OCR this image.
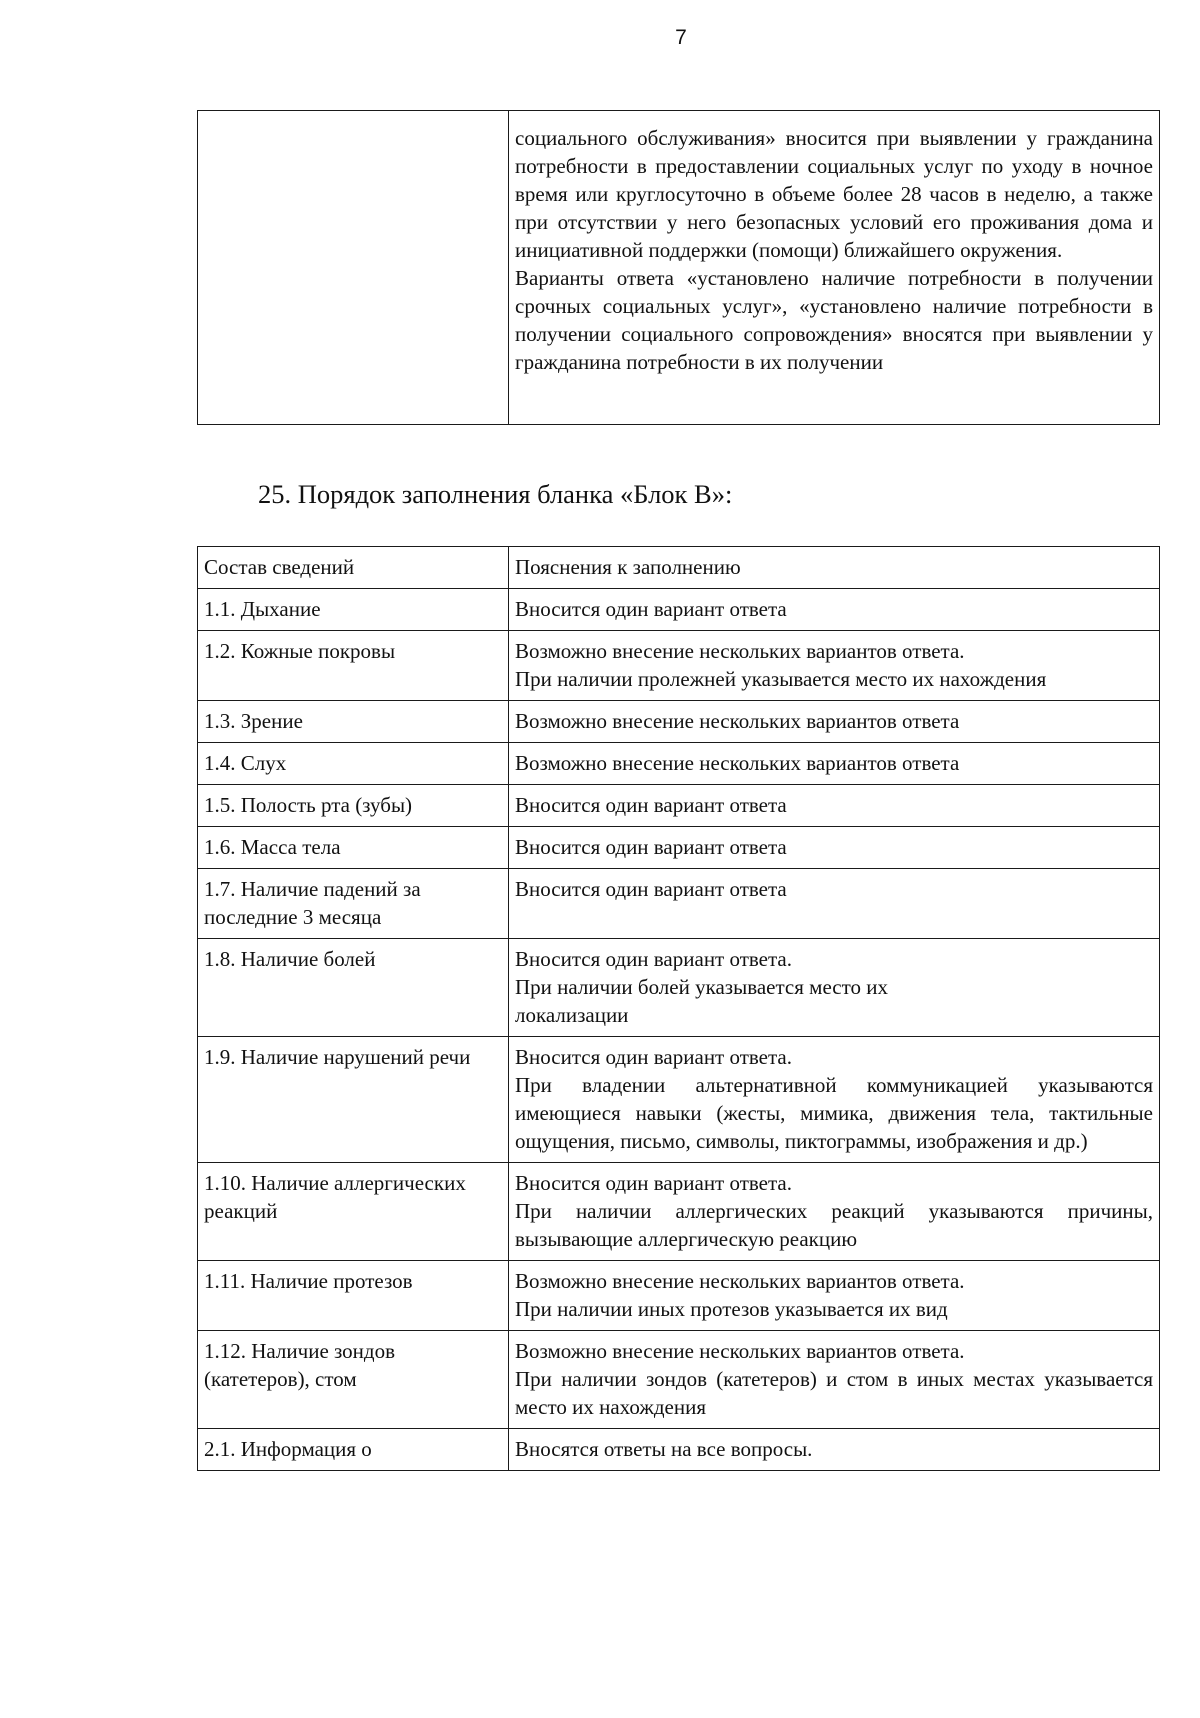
7

социального обслуживания» вносится при выявлении у гражданина потребности в предоставлении социальных услуг по уходу в ночное время или круглосуточно в объеме более 28 часов в неделю, а также при отсутствии у него безопасных условий его проживания дома и инициативной поддержки (помощи) ближайшего окружения.
Варианты ответа «установлено наличие потребности в получении срочных социальных услуг», «установлено наличие потребности в получении социального сопровождения» вносятся при выявлении у гражданина потребности в их получении
25. Порядок заполнения бланка «Блок В»:
Состав сведений	Пояснения к заполнению
1.1. Дыхание	Вносится один вариант ответа

1.2. Кожные покровы	Возможно внесение нескольких вариантов ответа.
При наличии пролежней указывается место их нахождения

1.3. Зрение	Возможно внесение нескольких вариантов ответа

1.4. Слух	Возможно внесение нескольких вариантов ответа

1.5. Полость рта (зубы)	Вносится один вариант ответа

1.6. Масса тела	Вносится один вариант ответа

1.7. Наличие падений за последние 3 месяца	Вносится один вариант ответа

1.8. Наличие болей	Вносится один вариант ответа.
При наличии болей указывается место их локализации

1.9. Наличие нарушений речи	Вносится один вариант ответа.
При владении альтернативной коммуникацией указываются имеющиеся навыки (жесты, мимика, движения тела, тактильные ощущения, письмо, символы, пиктограммы, изображения и др.)

1.10. Наличие аллергических реакций	Вносится один вариант ответа.
При наличии аллергических реакций указываются причины, вызывающие аллергическую реакцию

1.11. Наличие протезов	Возможно внесение нескольких вариантов ответа.
При наличии иных протезов указывается их вид

1.12. Наличие зондов (катетеров), стом	Возможно внесение нескольких вариантов ответа.
При наличии зондов (катетеров) и стом в иных местах указывается место их нахождения

2.1. Информация о	Вносятся ответы на все вопросы.
